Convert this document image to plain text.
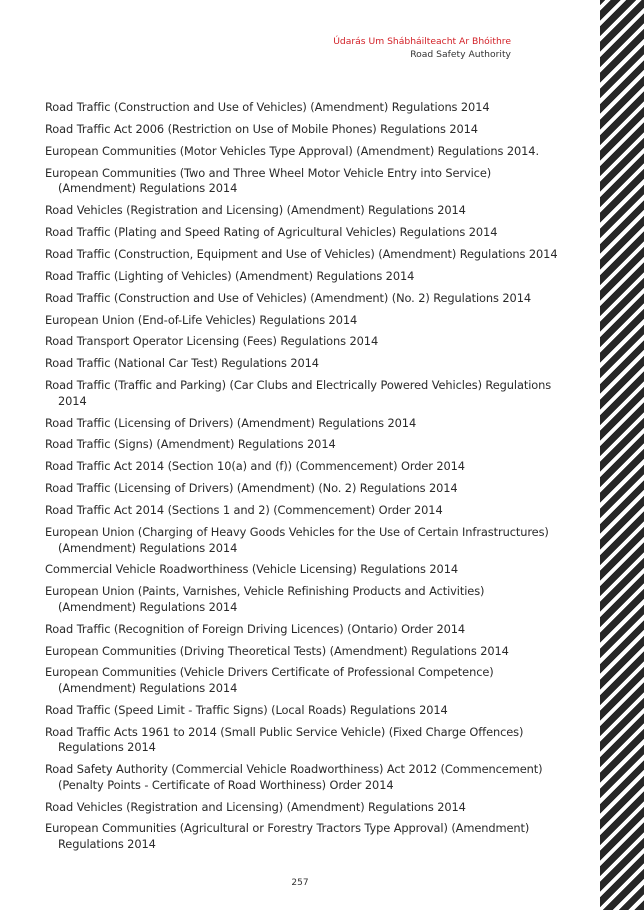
Údarás Um Shábháilteacht Ar Bhóithre
Road Safety Authority
Road Traffic (Construction and Use of Vehicles) (Amendment) Regulations 2014
Road Traffic Act 2006 (Restriction on Use of Mobile Phones) Regulations 2014
European Communities (Motor Vehicles Type Approval) (Amendment) Regulations 2014.
European Communities (Two and Three Wheel Motor Vehicle Entry into Service) (Amendment) Regulations 2014
Road Vehicles (Registration and Licensing) (Amendment) Regulations 2014
Road Traffic (Plating and Speed Rating of Agricultural Vehicles) Regulations 2014
Road Traffic (Construction, Equipment and Use of Vehicles) (Amendment) Regulations 2014
Road Traffic (Lighting of Vehicles) (Amendment) Regulations 2014
Road Traffic (Construction and Use of Vehicles) (Amendment) (No. 2) Regulations 2014
European Union (End-of-Life Vehicles) Regulations 2014
Road Transport Operator Licensing (Fees) Regulations 2014
Road Traffic (National Car Test) Regulations 2014
Road Traffic (Traffic and Parking) (Car Clubs and Electrically Powered Vehicles) Regulations 2014
Road Traffic (Licensing of Drivers) (Amendment) Regulations 2014
Road Traffic (Signs) (Amendment) Regulations 2014
Road Traffic Act 2014 (Section 10(a) and (f)) (Commencement) Order 2014
Road Traffic (Licensing of Drivers) (Amendment) (No. 2) Regulations 2014
Road Traffic Act 2014 (Sections 1 and 2) (Commencement) Order 2014
European Union (Charging of Heavy Goods Vehicles for the Use of Certain Infrastructures) (Amendment) Regulations 2014
Commercial Vehicle Roadworthiness (Vehicle Licensing) Regulations 2014
European Union (Paints, Varnishes, Vehicle Refinishing Products and Activities) (Amendment) Regulations 2014
Road Traffic (Recognition of Foreign Driving Licences) (Ontario) Order 2014
European Communities (Driving Theoretical Tests) (Amendment) Regulations 2014
European Communities (Vehicle Drivers Certificate of Professional Competence) (Amendment) Regulations 2014
Road Traffic (Speed Limit - Traffic Signs) (Local Roads) Regulations 2014
Road Traffic Acts 1961 to 2014 (Small Public Service Vehicle) (Fixed Charge Offences) Regulations 2014
Road Safety Authority (Commercial Vehicle Roadworthiness) Act 2012 (Commencement) (Penalty Points - Certificate of Road Worthiness) Order 2014
Road Vehicles (Registration and Licensing) (Amendment) Regulations 2014
European Communities (Agricultural or Forestry Tractors Type Approval) (Amendment) Regulations 2014
257
